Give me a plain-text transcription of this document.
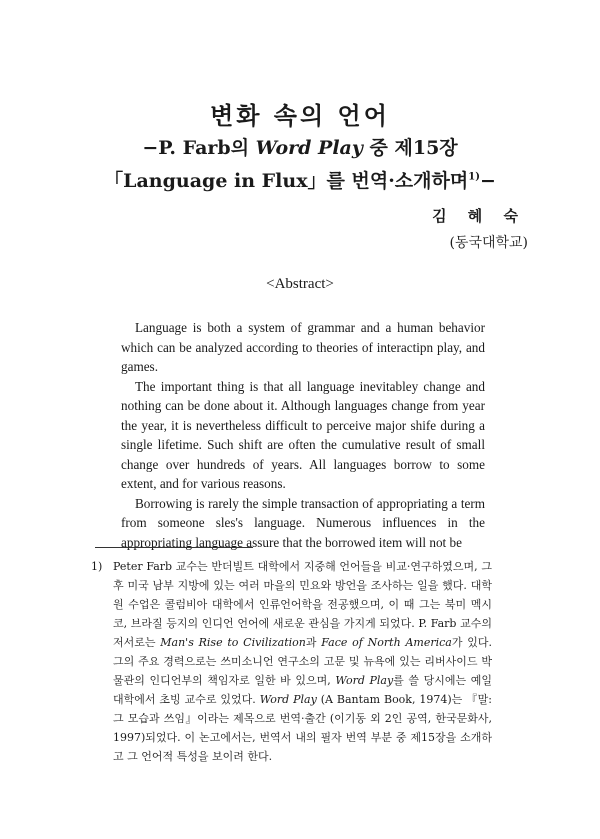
변화 속의 언어
−P. Farb의 Word Play 중 제15장
「Language in Flux」를 번역·소개하며$^{1)}$−
김 혜 숙
(동국대학교)
<Abstract>

Language is both a system of grammar and a human behavior which can be analyzed according to theories of interactipn play, and games.

The important thing is that all language inevitabley change and nothing can be done about it. Although languages change from year the year, it is nevertheless difficult to perceive major shife during a single lifetime. Such shift are often the cumulative result of small change over hundreds of years. All languages borrow to some extent, and for various reasons.

Borrowing is rarely the simple transaction of appropriating a term from someone sles's language. Numerous influences in the appropriating language assure that the borrowed item will not be

1) Peter Farb 교수는 반더빌트 대학에서 지중해 언어들을 비교·연구하였으며, 그 후 미국 남부 지방에 있는 여러 마을의 민요와 방언을 조사하는 일을 했다. 대학원 수업은 콜럼비아 대학에서 인류언어학을 전공했으며, 이 때 그는 북미 멕시코, 브라질 등지의 인디언 언어에 새로운 관심을 가지게 되었다. P. Farb 교수의 저서로는 Man's Rise to Civilization과 Face of North America가 있다. 그의 주요 경력으로는 쓰미소니언 연구소의 고문 및 뉴욕에 있는 리버사이드 박물관의 인디언부의 책임자로 일한 바 있으며, Word Play를 쓸 당시에는 예일 대학에서 초빙 교수로 있었다. Word Play (A Bantam Book, 1974)는 『말: 그 모습과 쓰임』이라는 제목으로 번역·출간 (이기동 외 2인 공역, 한국문화사, 1997)되었다. 이 논고에서는, 번역서 내의 필자 번역 부분 중 제15장을 소개하고 그 언어적 특성을 보이려 한다.
